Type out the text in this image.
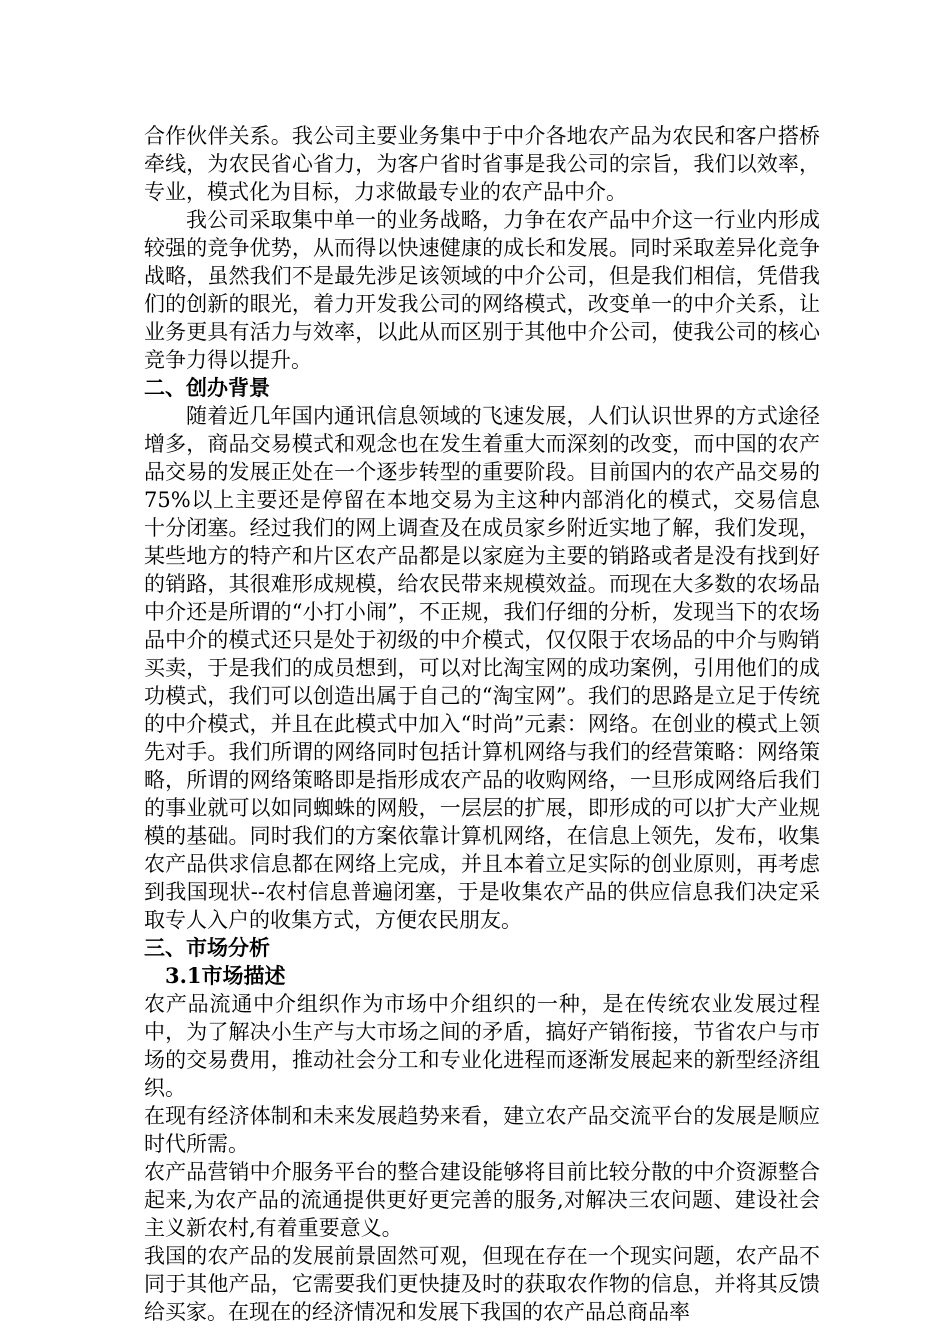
合作伙伴关系。我公司主要业务集中于中介各地农产品为农民和客户搭桥牵线，为农民省心省力，为客户省时省事是我公司的宗旨，我们以效率，专业，模式化为目标，力求做最专业的农产品中介。

我公司采取集中单一的业务战略，力争在农产品中介这一行业内形成较强的竞争优势，从而得以快速健康的成长和发展。同时采取差异化竞争战略，虽然我们不是最先涉足该领域的中介公司，但是我们相信，凭借我们的创新的眼光，着力开发我公司的网络模式，改变单一的中介关系，让业务更具有活力与效率，以此从而区别于其他中介公司，使我公司的核心竞争力得以提升。

二、创办背景

随着近几年国内通讯信息领域的飞速发展，人们认识世界的方式途径增多，商品交易模式和观念也在发生着重大而深刻的改变，而中国的农产品交易的发展正处在一个逐步转型的重要阶段。目前国内的农产品交易的75%以上主要还是停留在本地交易为主这种内部消化的模式，交易信息十分闭塞。经过我们的网上调查及在成员家乡附近实地了解，我们发现，某些地方的特产和片区农产品都是以家庭为主要的销路或者是没有找到好的销路，其很难形成规模，给农民带来规模效益。而现在大多数的农场品中介还是所谓的“小打小闹”，不正规，我们仔细的分析，发现当下的农场品中介的模式还只是处于初级的中介模式，仅仅限于农场品的中介与购销买卖，于是我们的成员想到，可以对比淘宝网的成功案例，引用他们的成功模式，我们可以创造出属于自己的“淘宝网”。我们的思路是立足于传统的中介模式，并且在此模式中加入“时尚”元素：网络。在创业的模式上领先对手。我们所谓的网络同时包括计算机网络与我们的经营策略：网络策略，所谓的网络策略即是指形成农产品的收购网络，一旦形成网络后我们的事业就可以如同蜘蛛的网般，一层层的扩展，即形成的可以扩大产业规模的基础。同时我们的方案依靠计算机网络，在信息上领先，发布，收集农产品供求信息都在网络上完成，并且本着立足实际的创业原则，再考虑到我国现状--农村信息普遍闭塞，于是收集农产品的供应信息我们决定采取专人入户的收集方式，方便农民朋友。

三、市场分析

3.1市场描述

农产品流通中介组织作为市场中介组织的一种，是在传统农业发展过程中，为了解决小生产与大市场之间的矛盾，搞好产销衔接，节省农户与市场的交易费用，推动社会分工和专业化进程而逐渐发展起来的新型经济组织。

在现有经济体制和未来发展趋势来看，建立农产品交流平台的发展是顺应时代所需。

农产品营销中介服务平台的整合建设能够将目前比较分散的中介资源整合起来,为农产品的流通提供更好更完善的服务,对解决三农问题、建设社会主义新农村,有着重要意义。

我国的农产品的发展前景固然可观，但现在存在一个现实问题，农产品不同于其他产品，它需要我们更快捷及时的获取农作物的信息，并将其反馈给买家。在现在的经济情况和发展下我国的农产品总商品率
